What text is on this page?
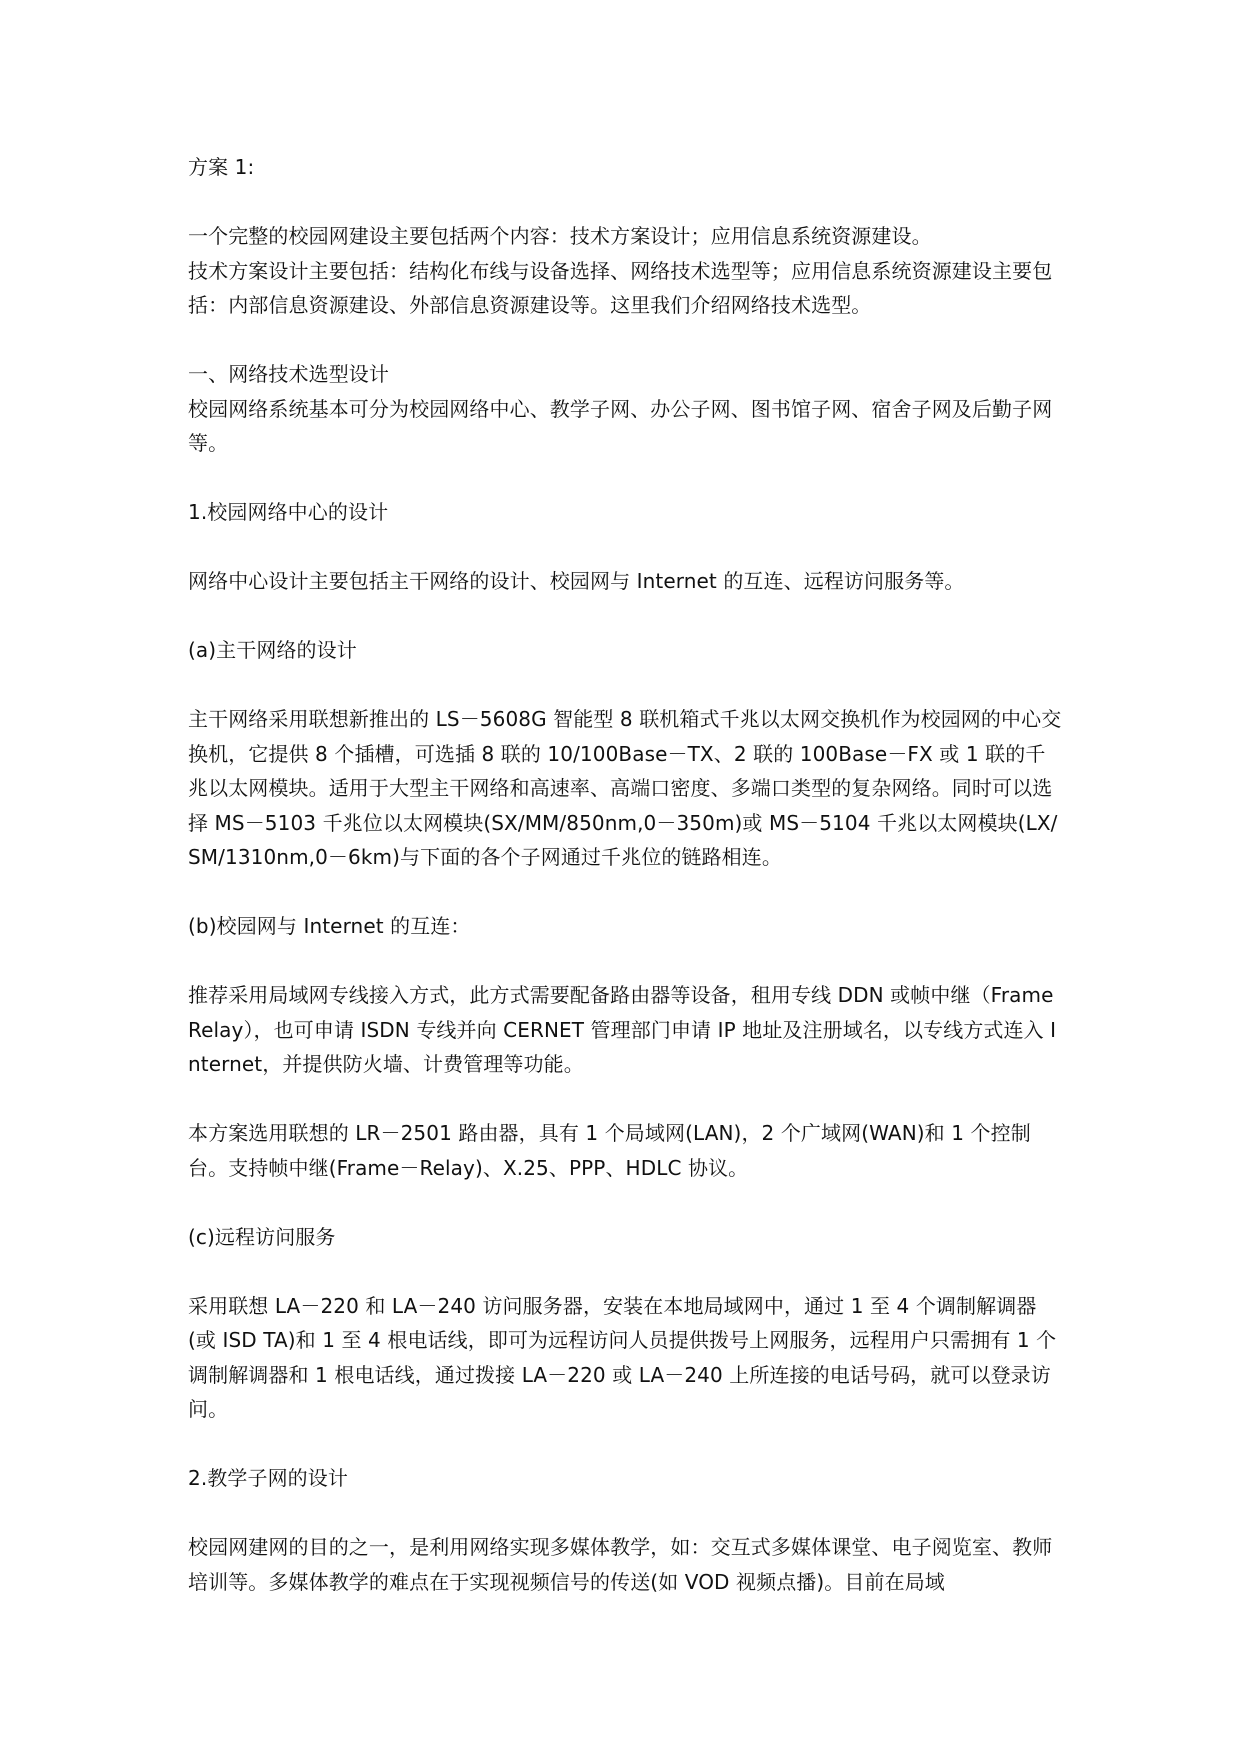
方案 1:

一个完整的校园网建设主要包括两个内容：技术方案设计；应用信息系统资源建设。

技术方案设计主要包括：结构化布线与设备选择、网络技术选型等；应用信息系统资源建设主要包括：内部信息资源建设、外部信息资源建设等。这里我们介绍网络技术选型。

一、网络技术选型设计

校园网络系统基本可分为校园网络中心、教学子网、办公子网、图书馆子网、宿舍子网及后勤子网等。

1.校园网络中心的设计

网络中心设计主要包括主干网络的设计、校园网与 Internet 的互连、远程访问服务等。

(a)主干网络的设计

主干网络采用联想新推出的 LS－5608G 智能型 8 联机箱式千兆以太网交换机作为校园网的中心交换机，它提供 8 个插槽，可选插 8 联的 10/100Base－TX、2 联的 100Base－FX 或 1 联的千兆以太网模块。适用于大型主干网络和高速率、高端口密度、多端口类型的复杂网络。同时可以选择 MS－5103 千兆位以太网模块(SX/MM/850nm,0－350m)或 MS－5104 千兆以太网模块(LX/SM/1310nm,0－6km)与下面的各个子网通过千兆位的链路相连。

(b)校园网与 Internet 的互连：

推荐采用局域网专线接入方式，此方式需要配备路由器等设备，租用专线 DDN 或帧中继（Frame Relay），也可申请 ISDN 专线并向 CERNET 管理部门申请 IP 地址及注册域名，以专线方式连入 Internet，并提供防火墙、计费管理等功能。

本方案选用联想的 LR－2501 路由器，具有 1 个局域网(LAN)，2 个广域网(WAN)和 1 个控制台。支持帧中继(Frame－Relay)、X.25、PPP、HDLC 协议。

(c)远程访问服务

采用联想 LA－220 和 LA－240 访问服务器，安装在本地局域网中，通过 1 至 4 个调制解调器(或 ISD TA)和 1 至 4 根电话线，即可为远程访问人员提供拨号上网服务，远程用户只需拥有 1 个调制解调器和 1 根电话线，通过拨接 LA－220 或 LA－240 上所连接的电话号码，就可以登录访问。

2.教学子网的设计

校园网建网的目的之一，是利用网络实现多媒体教学，如：交互式多媒体课堂、电子阅览室、教师培训等。多媒体教学的难点在于实现视频信号的传送(如 VOD 视频点播)。目前在局域
